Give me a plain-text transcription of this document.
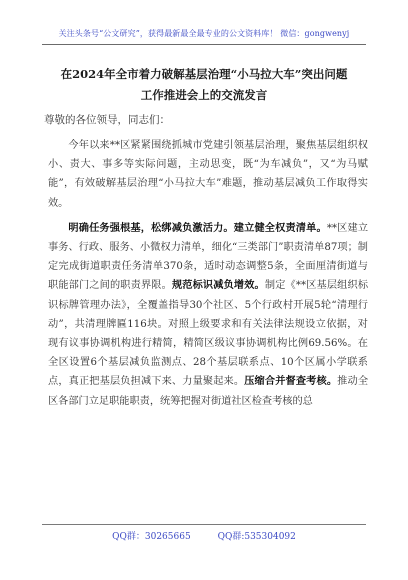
关注头条号“公文研究”，获得最新最全最专业的公文资料库！ 微信：gongwenyj
在2024年全市着力破解基层治理“小马拉大车”突出问题
工作推进会上的交流发言
尊敬的各位领导，同志们：

今年以来**区紧紧围绕抓城市党建引领基层治理，聚焦基层组织权小、责大、事多等实际问题，主动思变，既“为车减负”，又“为马赋能”，有效破解基层治理“小马拉大车”难题，推动基层减负工作取得实效。

明确任务强根基，松绑减负激活力。建立健全权责清单。**区建立事务、行政、服务、小微权力清单，细化“三类部门”职责清单87项；制定完成街道职责任务清单370条，适时动态调整5条，全面厘清街道与职能部门之间的职责界限。规范标识减负增效。制定《**区基层组织标识标牌管理办法》，全覆盖指导30个社区、5个行政村开展5轮“清理行动”，共清理牌匾116块。对照上级要求和有关法律法规设立依据，对现有议事协调机构进行精简，精简区级议事协调机构比例69.56%。在全区设置6个基层减负监测点、28个基层联系点、10个区属小学联系点，真正把基层负担减下来、力量聚起来。压缩合并督查考核。推动全区各部门立足职能职责，统筹把握对街道社区检查考核的总

QQ群：30265665	QQ群:535304092
